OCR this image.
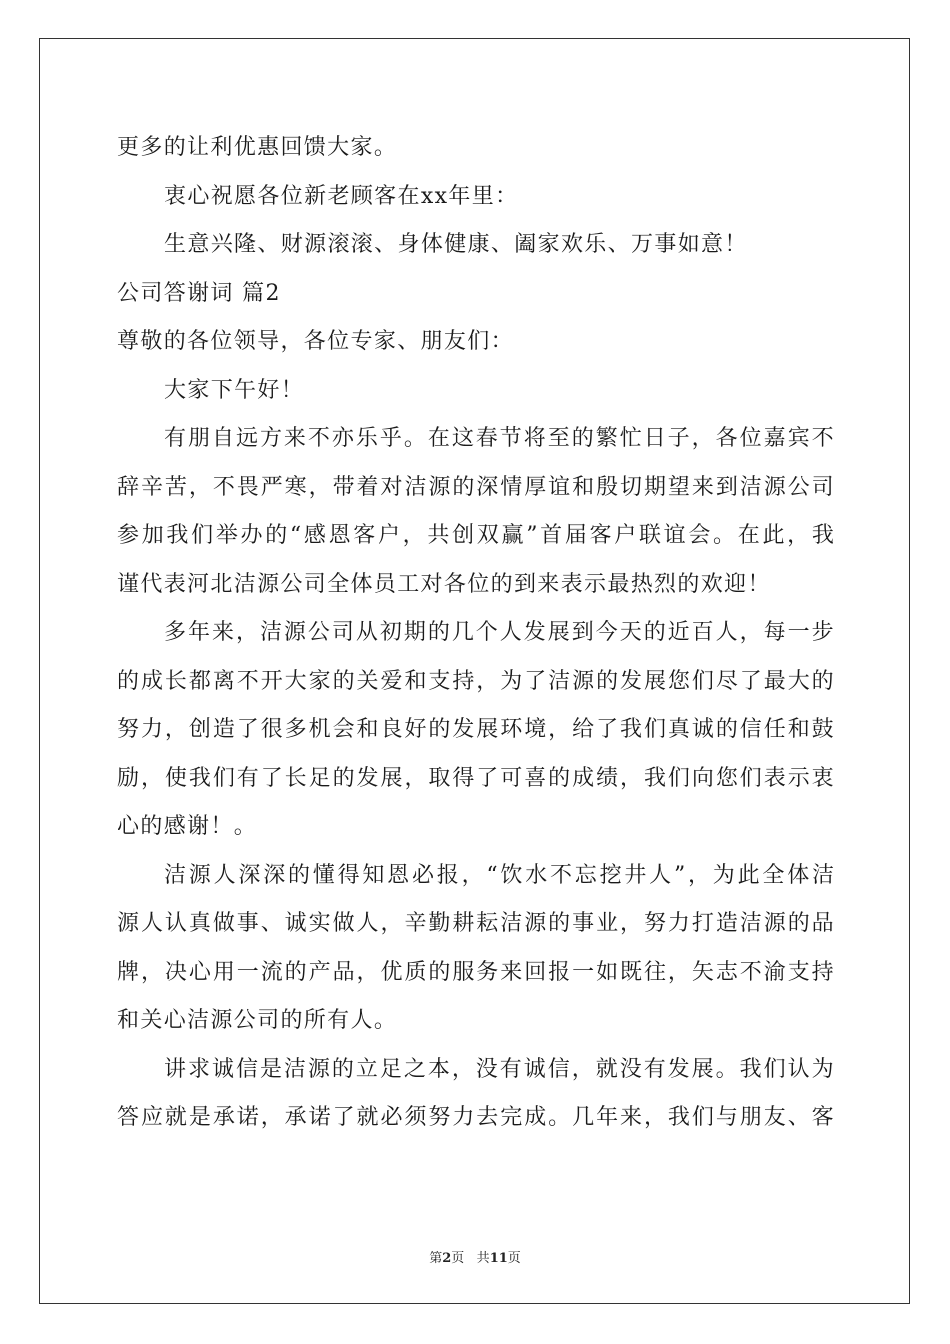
更多的让利优惠回馈大家。
衷心祝愿各位新老顾客在xx年里：
生意兴隆、财源滚滚、身体健康、阖家欢乐、万事如意！
公司答谢词 篇2
尊敬的各位领导，各位专家、朋友们：
大家下午好！
有 朋 自 远 方 来 不 亦 乐 乎 。 在 这 春 节 将 至 的 繁 忙 日 子 ， 各 位 嘉 宾 不
辞 辛 苦 ， 不 畏 严 寒 ， 带 着 对 洁 源 的 深 情 厚 谊 和 殷 切 期 望 来 到 洁 源 公 司
参 加 我 们 举 办 的 “ 感 恩 客 户 ， 共 创 双 赢 ” 首 届 客 户 联 谊 会 。 在 此 ， 我
谨代表河北洁源公司全体员工对各位的到来表示最热烈的欢迎！
多 年 来 ， 洁 源 公 司 从 初 期 的 几 个 人 发 展 到 今 天 的 近 百 人 ， 每 一 步
的 成 长 都 离 不 开 大 家 的 关 爱 和 支 持 ， 为 了 洁 源 的 发 展 您 们 尽 了 最 大 的
努 力 ， 创 造 了 很 多 机 会 和 良 好 的 发 展 环 境 ， 给 了 我 们 真 诚 的 信 任 和 鼓
励 ， 使 我 们 有 了 长 足 的 发 展 ， 取 得 了 可 喜 的 成 绩 ， 我 们 向 您 们 表 示 衷
心的感谢！。
洁 源 人 深 深 的 懂 得 知 恩 必 报 ， “ 饮 水 不 忘 挖 井 人 ” ， 为 此 全 体 洁
源 人 认 真 做 事 、 诚 实 做 人 ， 辛 勤 耕 耘 洁 源 的 事 业 ， 努 力 打 造 洁 源 的 品
牌 ， 决 心 用 一 流 的 产 品 ， 优 质 的 服 务 来 回 报 一 如 既 往 ， 矢 志 不 渝 支 持
和关心洁源公司的所有人。
讲 求 诚 信 是 洁 源 的 立 足 之 本 ， 没 有 诚 信 ， 就 没 有 发 展 。 我 们 认 为
答 应 就 是 承 诺 ， 承 诺 了 就 必 须 努 力 去 完 成 。 几 年 来 ， 我 们 与 朋 友 、 客
第2页 共11页
